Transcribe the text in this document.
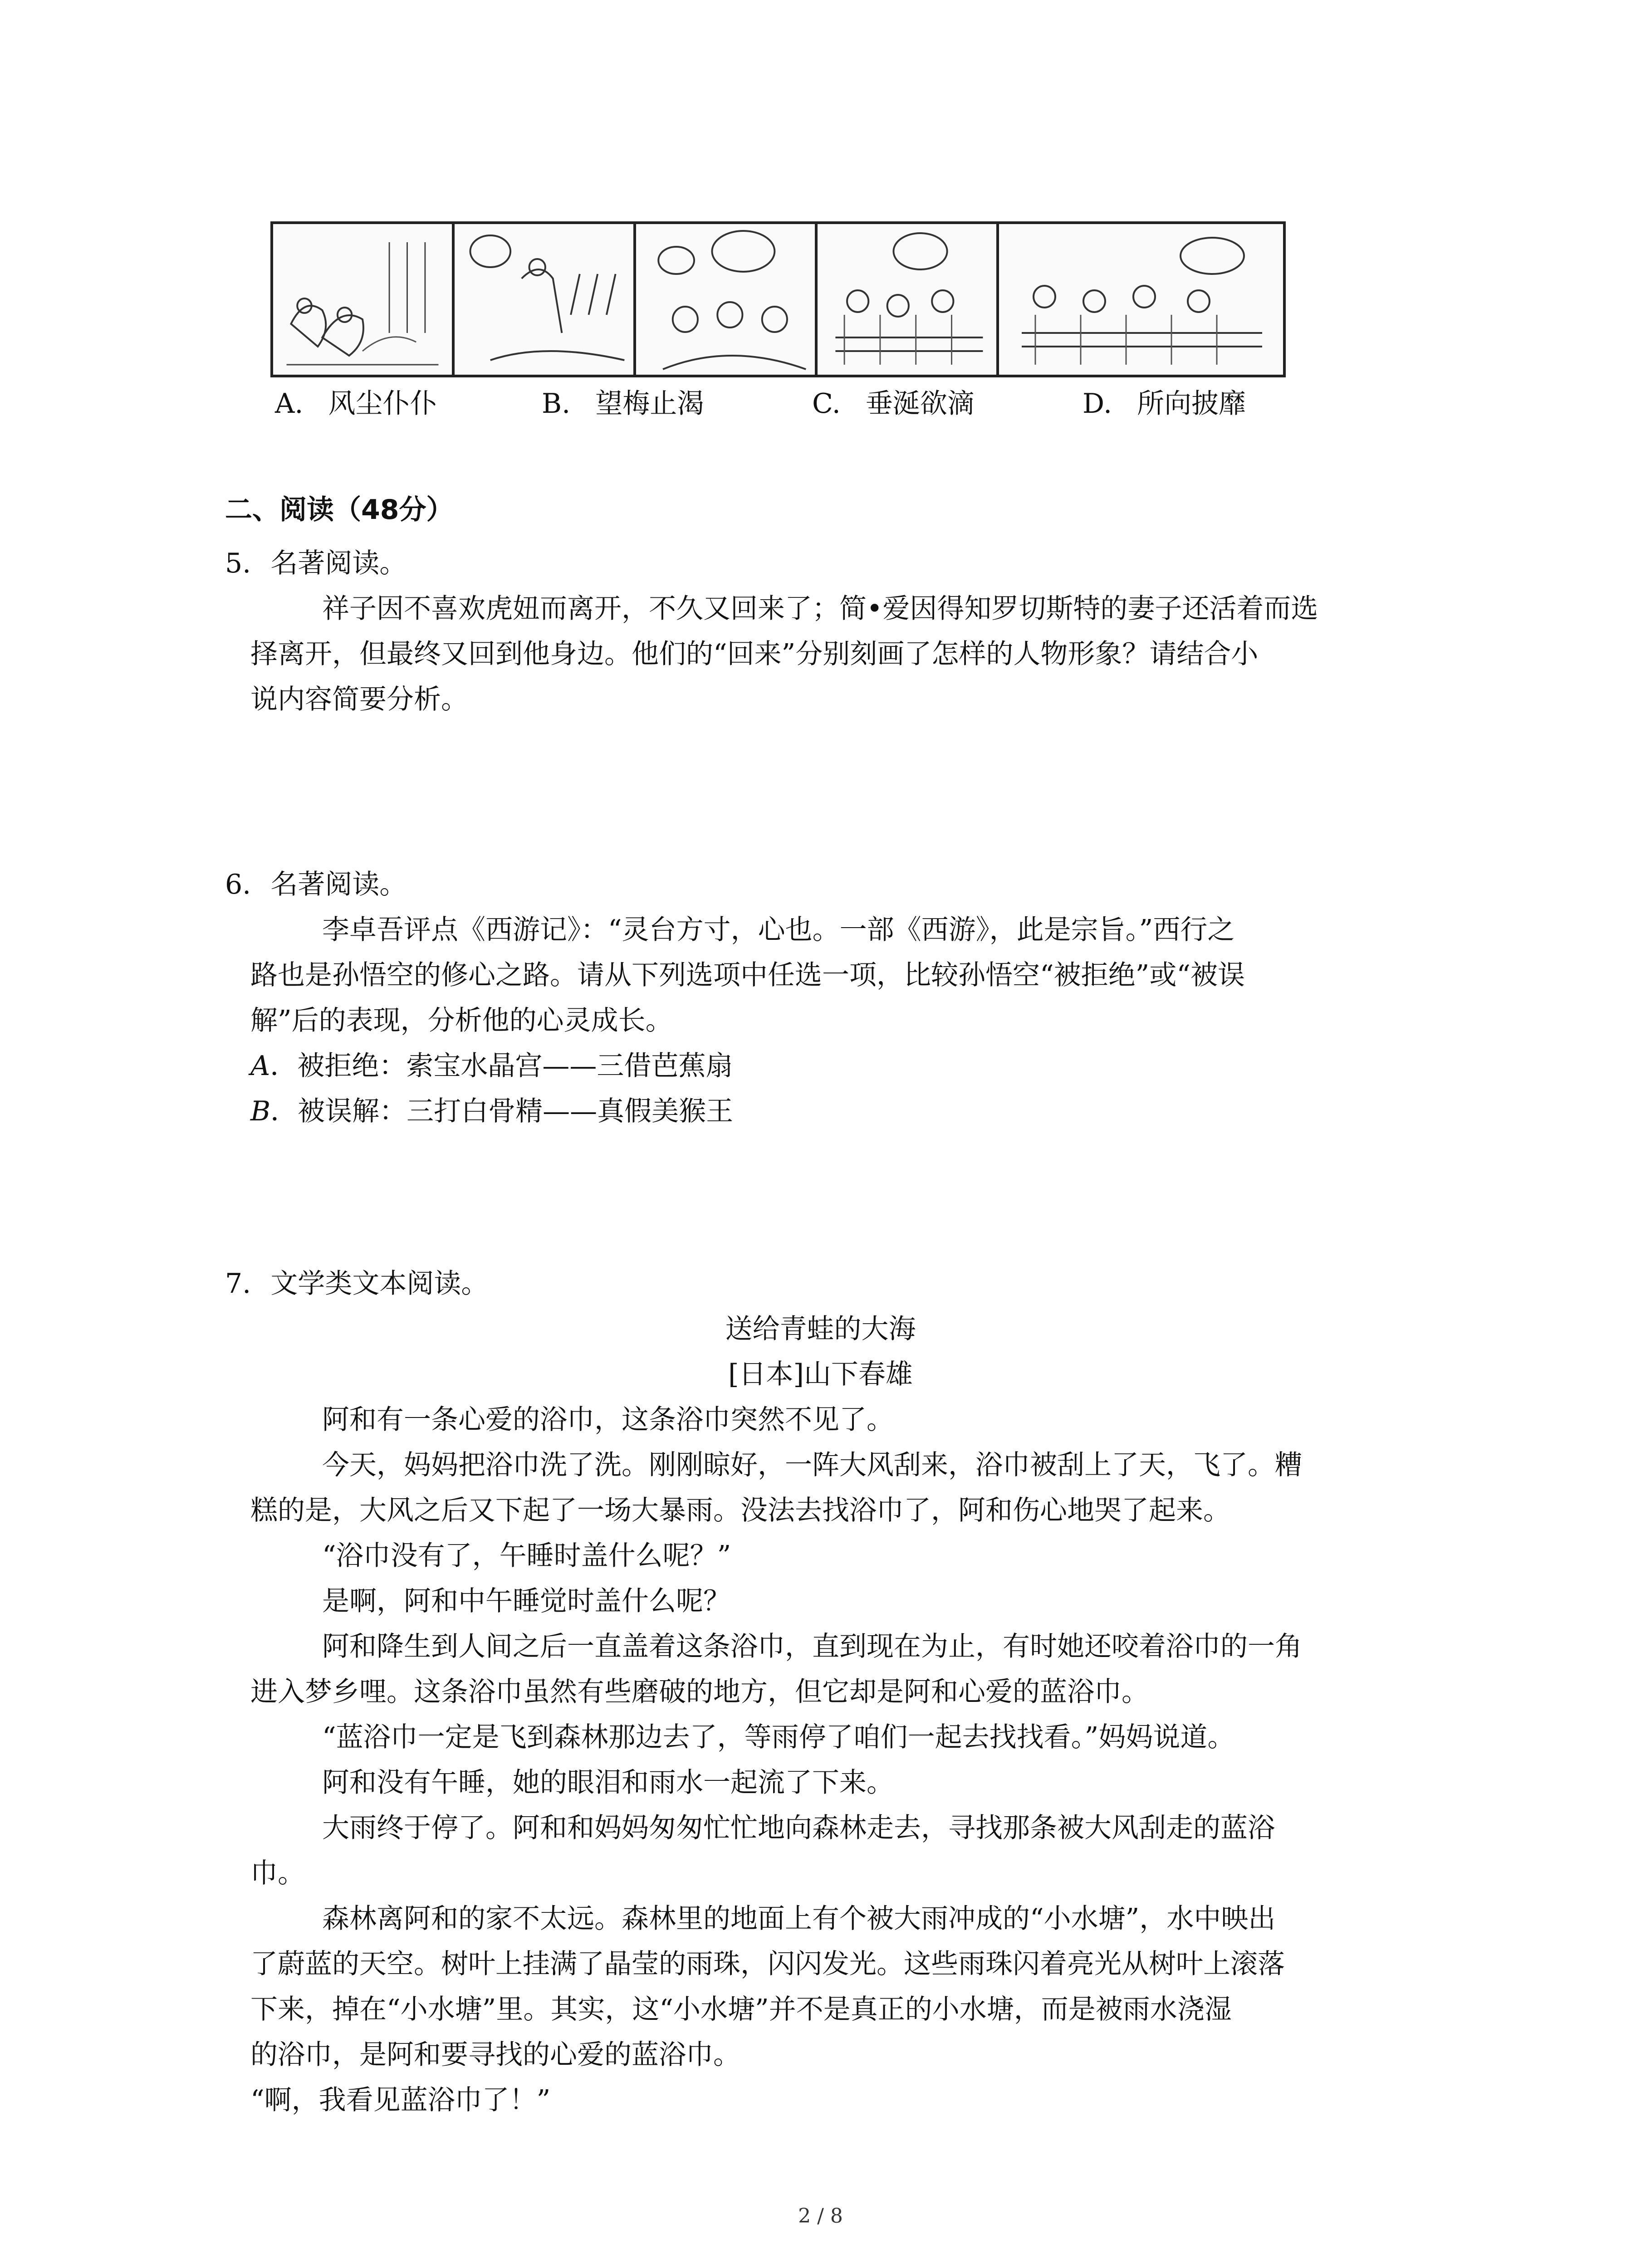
A. 风尘仆仆	B. 望梅止渴	C. 垂涎欲滴	D. 所向披靡
二、阅读（48分）
5. 名著阅读。
祥子因不喜欢虎妞而离开，不久又回来了；简•爱因得知罗切斯特的妻子还活着而选
择离开，但最终又回到他身边。他们的“回来”分别刻画了怎样的人物形象？请结合小
说内容简要分析。
6. 名著阅读。
李卓吾评点《西游记》：“灵台方寸，心也。一部《西游》，此是宗旨。”西行之
路也是孙悟空的修心之路。请从下列选项中任选一项，比较孙悟空“被拒绝”或“被误
解”后的表现，分析他的心灵成长。
A．被拒绝：索宝水晶宫——三借芭蕉扇
B．被误解：三打白骨精——真假美猴王
7. 文学类文本阅读。
送给青蛙的大海
[日本]山下春雄
阿和有一条心爱的浴巾，这条浴巾突然不见了。
今天，妈妈把浴巾洗了洗。刚刚晾好，一阵大风刮来，浴巾被刮上了天，飞了。糟
糕的是，大风之后又下起了一场大暴雨。没法去找浴巾了，阿和伤心地哭了起来。
“浴巾没有了，午睡时盖什么呢？”
是啊，阿和中午睡觉时盖什么呢？
阿和降生到人间之后一直盖着这条浴巾，直到现在为止，有时她还咬着浴巾的一角
进入梦乡哩。这条浴巾虽然有些磨破的地方，但它却是阿和心爱的蓝浴巾。
“蓝浴巾一定是飞到森林那边去了，等雨停了咱们一起去找找看。”妈妈说道。
阿和没有午睡，她的眼泪和雨水一起流了下来。
大雨终于停了。阿和和妈妈匆匆忙忙地向森林走去，寻找那条被大风刮走的蓝浴
巾。
森林离阿和的家不太远。森林里的地面上有个被大雨冲成的“小水塘”，水中映出
了蔚蓝的天空。树叶上挂满了晶莹的雨珠，闪闪发光。这些雨珠闪着亮光从树叶上滚落
下来，掉在“小水塘”里。其实，这“小水塘”并不是真正的小水塘，而是被雨水浇湿
的浴巾，是阿和要寻找的心爱的蓝浴巾。
“啊，我看见蓝浴巾了！”
2 / 8
